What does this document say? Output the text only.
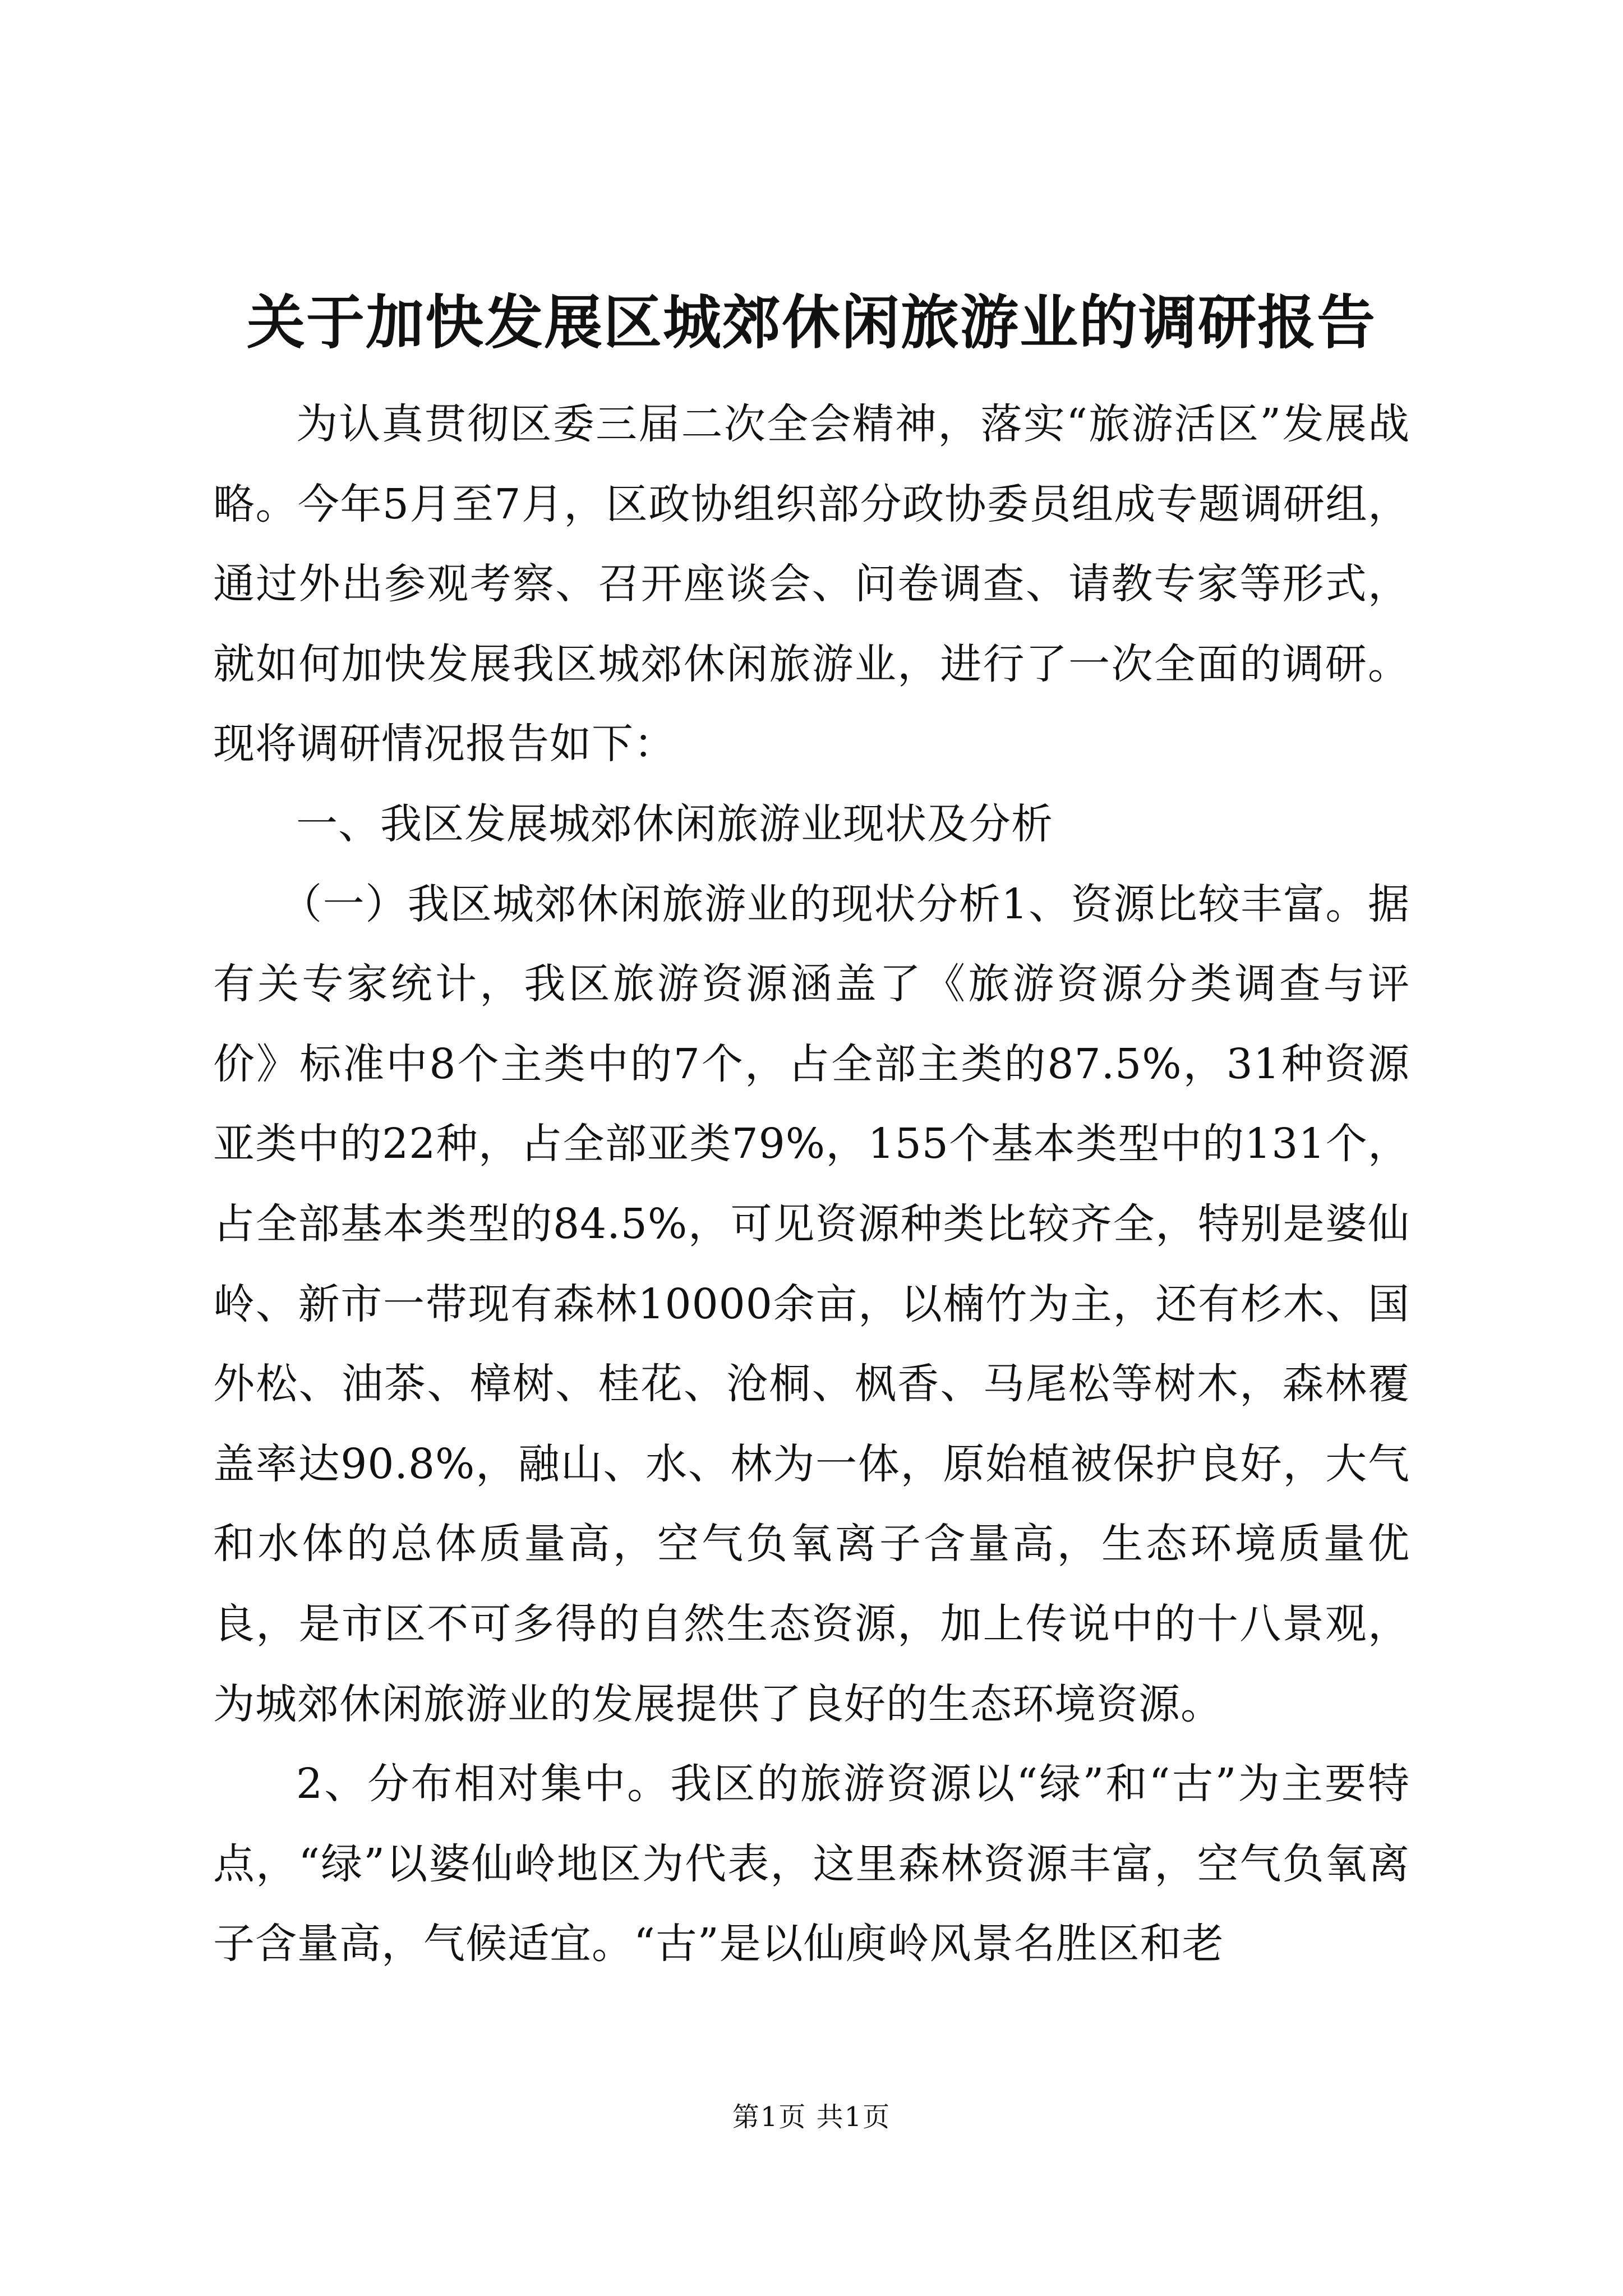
关于加快发展区城郊休闲旅游业的调研报告

为认真贯彻区委三届二次全会精神，落实“旅游活区”发展战略。今年5月至7月，区政协组织部分政协委员组成专题调研组，通过外出参观考察、召开座谈会、问卷调查、请教专家等形式，就如何加快发展我区城郊休闲旅游业，进行了一次全面的调研。现将调研情况报告如下：

一、我区发展城郊休闲旅游业现状及分析

（一）我区城郊休闲旅游业的现状分析1、资源比较丰富。据有关专家统计，我区旅游资源涵盖了《旅游资源分类调查与评价》标准中8个主类中的7个，占全部主类的87.5%，31种资源亚类中的22种，占全部亚类79%，155个基本类型中的131个，占全部基本类型的84.5%，可见资源种类比较齐全，特别是婆仙岭、新市一带现有森林10000余亩，以楠竹为主，还有杉木、国外松、油茶、樟树、桂花、沧桐、枫香、马尾松等树木，森林覆盖率达90.8%，融山、水、林为一体，原始植被保护良好，大气和水体的总体质量高，空气负氧离子含量高，生态环境质量优良，是市区不可多得的自然生态资源，加上传说中的十八景观，为城郊休闲旅游业的发展提供了良好的生态环境资源。

2、分布相对集中。我区的旅游资源以“绿”和“古”为主要特点，“绿”以婆仙岭地区为代表，这里森林资源丰富，空气负氧离子含量高，气候适宜。“古”是以仙庾岭风景名胜区和老

第1页 共1页
